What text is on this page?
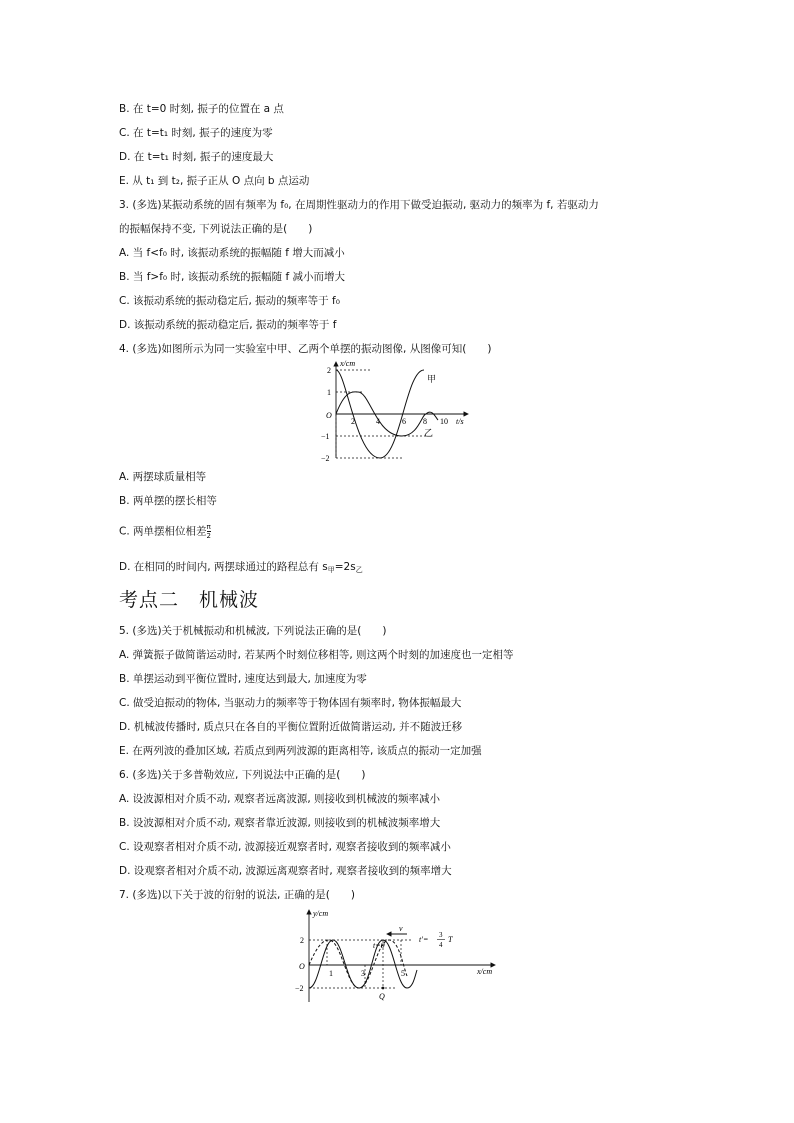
B. 在 t=0 时刻, 振子的位置在 a 点
C. 在 t=t₁ 时刻, 振子的速度为零
D. 在 t=t₁ 时刻, 振子的速度最大
E. 从 t₁ 到 t₂, 振子正从 O 点向 b 点运动
3. (多选)某振动系统的固有频率为 f₀, 在周期性驱动力的作用下做受迫振动, 驱动力的频率为 f, 若驱动力
的振幅保持不变, 下列说法正确的是(　　)
A. 当 f<f₀ 时, 该振动系统的振幅随 f 增大而减小
B. 当 f>f₀ 时, 该振动系统的振幅随 f 减小而增大
C. 该振动系统的振动稳定后, 振动的频率等于 f₀
D. 该振动系统的振动稳定后, 振动的频率等于 f
4. (多选)如图所示为同一实验室中甲、乙两个单摆的振动图像, 从图像可知(　　)
x/cm
t/s
O
2
1
−1
−2
2	4	6 8 10
甲
乙
A. 两摆球质量相等
B. 两单摆的摆长相等
C. 两单摆相位相差 $\frac{\pi}{2}$
D. 在相同的时间内, 两摆球通过的路程总有 $s_甲=2s_乙$
考点二　机械波
5. (多选)关于机械振动和机械波, 下列说法正确的是(　　)
A. 弹簧振子做简谐运动时, 若某两个时刻位移相等, 则这两个时刻的加速度也一定相等
B. 单摆运动到平衡位置时, 速度达到最大, 加速度为零
C. 做受迫振动的物体, 当驱动力的频率等于物体固有频率时, 物体振幅最大
D. 机械波传播时, 质点只在各自的平衡位置附近做简谐运动, 并不随波迁移
E. 在两列波的叠加区域, 若质点到两列波源的距离相等, 该质点的振动一定加强
6. (多选)关于多普勒效应, 下列说法中正确的是(　　)
A. 设波源相对介质不动, 观察者远离波源, 则接收到机械波的频率减小
B. 设波源相对介质不动, 观察者靠近波源, 则接收到的机械波频率增大
C. 设观察者相对介质不动, 波源接近观察者时, 观察者接收到的频率减小
D. 设观察者相对介质不动, 波源远离观察者时, 观察者接收到的频率增大
7. (多选)以下关于波的衍射的说法, 正确的是(　　)
y/cm
x/cm
O
2
−2
1	3	5
t=0
v
t′= 3
4
T
Q
